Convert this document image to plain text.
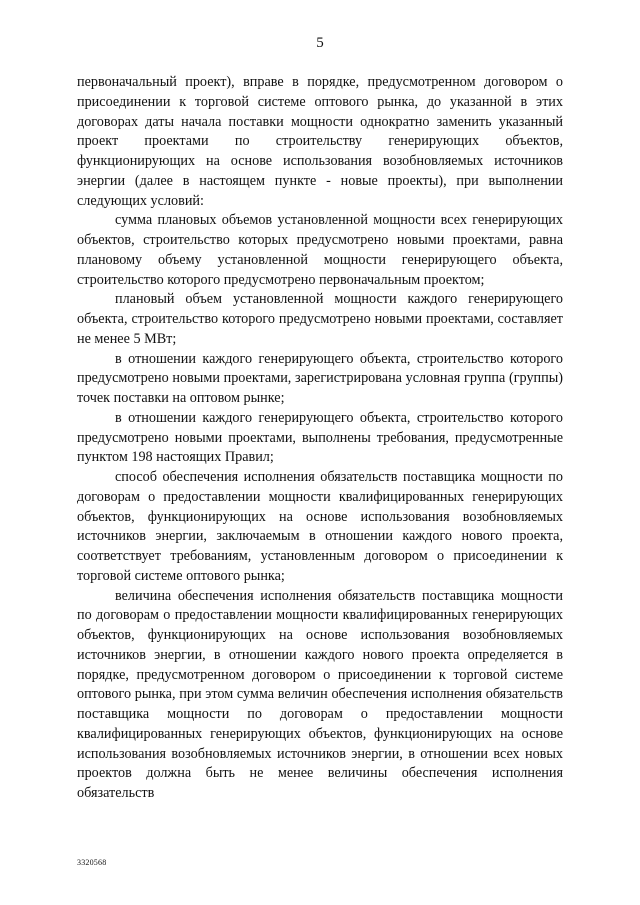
5

первоначальный проект), вправе в порядке, предусмотренном договором о присоединении к торговой системе оптового рынка, до указанной в этих договорах даты начала поставки мощности однократно заменить указанный проект проектами по строительству генерирующих объектов, функционирующих на основе использования возобновляемых источников энергии (далее в настоящем пункте - новые проекты), при выполнении следующих условий:

сумма плановых объемов установленной мощности всех генерирующих объектов, строительство которых предусмотрено новыми проектами, равна плановому объему установленной мощности генерирующего объекта, строительство которого предусмотрено первоначальным проектом;

плановый объем установленной мощности каждого генерирующего объекта, строительство которого предусмотрено новыми проектами, составляет не менее 5 МВт;

в отношении каждого генерирующего объекта, строительство которого предусмотрено новыми проектами, зарегистрирована условная группа (группы) точек поставки на оптовом рынке;

в отношении каждого генерирующего объекта, строительство которого предусмотрено новыми проектами, выполнены требования, предусмотренные пунктом 198 настоящих Правил;

способ обеспечения исполнения обязательств поставщика мощности по договорам о предоставлении мощности квалифицированных генерирующих объектов, функционирующих на основе использования возобновляемых источников энергии, заключаемым в отношении каждого нового проекта, соответствует требованиям, установленным договором о присоединении к торговой системе оптового рынка;

величина обеспечения исполнения обязательств поставщика мощности по договорам о предоставлении мощности квалифицированных генерирующих объектов, функционирующих на основе использования возобновляемых источников энергии, в отношении каждого нового проекта определяется в порядке, предусмотренном договором о присоединении к торговой системе оптового рынка, при этом сумма величин обеспечения исполнения обязательств поставщика мощности по договорам о предоставлении мощности квалифицированных генерирующих объектов, функционирующих на основе использования возобновляемых источников энергии, в отношении всех новых проектов должна быть не менее величины обеспечения исполнения обязательств

3320568
